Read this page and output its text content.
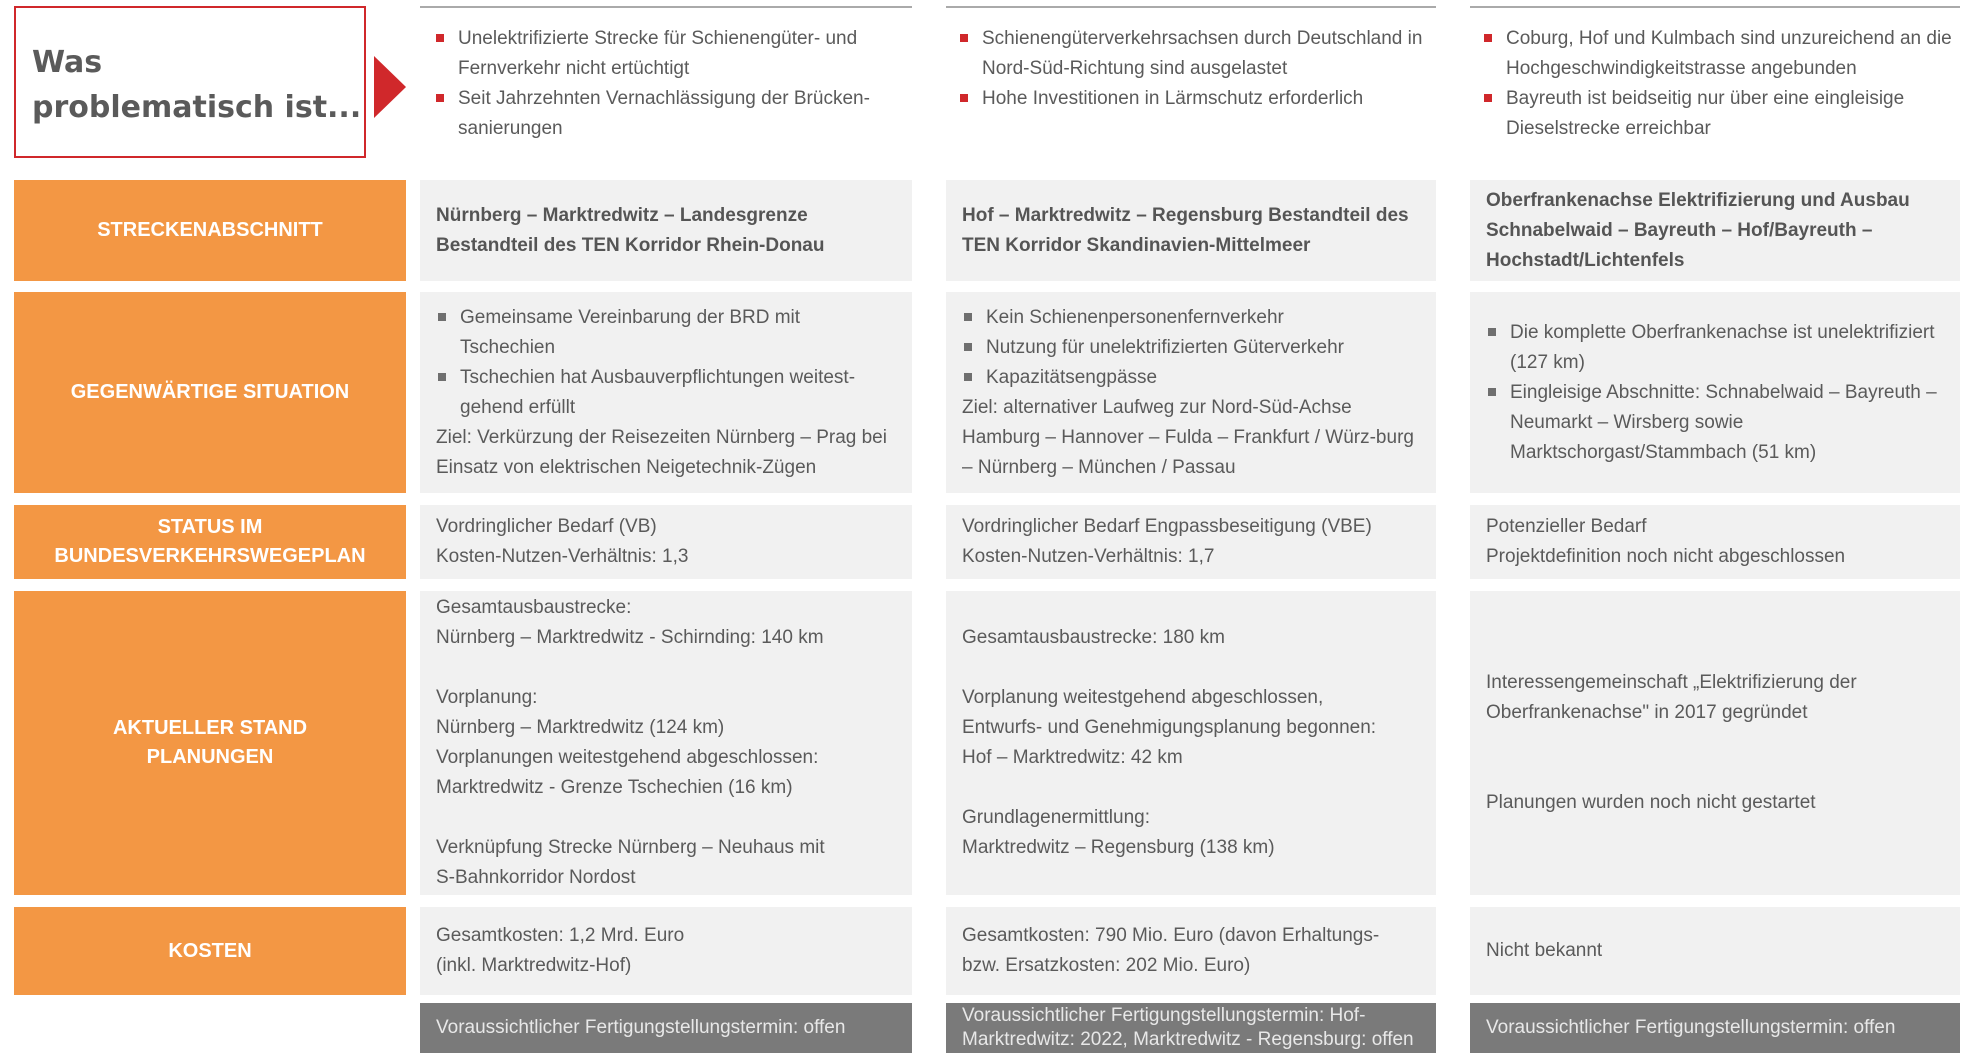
Was
problematisch ist...
Unelektrifizierte Strecke für Schienengüter- und Fernverkehr nicht ertüchtigt
Seit Jahrzehnten Vernachlässigung der Brücken-sanierungen
Schienengüterverkehrsachsen durch Deutschland in Nord-Süd-Richtung sind ausgelastet
Hohe Investitionen in Lärmschutz erforderlich
Coburg, Hof und Kulmbach sind unzureichend an die Hochgeschwindigkeitstrasse angebunden
Bayreuth ist beidseitig nur über eine eingleisige Dieselstrecke erreichbar
STRECKENABSCHNITT
Nürnberg – Marktredwitz – Landesgrenze Bestandteil des TEN Korridor Rhein-Donau
Hof – Marktredwitz – Regensburg Bestandteil des TEN Korridor Skandinavien-Mittelmeer
Oberfrankenachse Elektrifizierung und Ausbau Schnabelwaid – Bayreuth – Hof/Bayreuth – Hochstadt/Lichtenfels
GEGENWÄRTIGE SITUATION
Gemeinsame Vereinbarung der BRD mit Tschechien
Tschechien hat Ausbauverpflichtungen weitest-gehend erfüllt

Ziel: Verkürzung der Reisezeiten Nürnberg – Prag bei Einsatz von elektrischen Neigetechnik-Zügen

Kein Schienenpersonenfernverkehr
Nutzung für unelektrifizierten Güterverkehr
Kapazitätsengpässe

Ziel: alternativer Laufweg zur Nord-Süd-Achse Hamburg – Hannover – Fulda – Frankfurt / Würz-burg – Nürnberg – München / Passau

Die komplette Oberfrankenachse ist unelektrifiziert (127 km)
Eingleisige Abschnitte: Schnabelwaid – Bayreuth – Neumarkt – Wirsberg sowie Marktschorgast/Stammbach (51 km)
STATUS IM
BUNDESVERKEHRSWEGEPLAN

Vordringlicher Bedarf (VB)

Kosten-Nutzen-Verhältnis: 1,3

Vordringlicher Bedarf Engpassbeseitigung (VBE)

Kosten-Nutzen-Verhältnis: 1,7

Potenzieller Bedarf

Projektdefinition noch nicht abgeschlossen

AKTUELLER STAND
PLANUNGEN

Gesamtausbaustrecke:

Nürnberg – Marktredwitz - Schirnding: 140 km

Vorplanung:

Nürnberg – Marktredwitz (124 km)

Vorplanungen weitestgehend abgeschlossen:

Marktredwitz - Grenze Tschechien (16 km)

Verknüpfung Strecke Nürnberg – Neuhaus mit

S-Bahnkorridor Nordost

Gesamtausbaustrecke: 180 km

Vorplanung weitestgehend abgeschlossen,

Entwurfs- und Genehmigungsplanung begonnen:

Hof – Marktredwitz: 42 km

Grundlagenermittlung:

Marktredwitz – Regensburg (138 km)

Interessengemeinschaft „Elektrifizierung der

Oberfrankenachse" in 2017 gegründet

Planungen wurden noch nicht gestartet

KOSTEN

Gesamtkosten: 1,2 Mrd. Euro

(inkl. Marktredwitz-Hof)

Gesamtkosten: 790 Mio. Euro (davon Erhaltungs-

bzw. Ersatzkosten: 202 Mio. Euro)

Nicht bekannt

Voraussichtlicher Fertigungstellungstermin: offen
Voraussichtlicher Fertigungstellungstermin: Hof-Marktredwitz: 2022, Marktredwitz - Regensburg: offen
Voraussichtlicher Fertigungstellungstermin: offen
